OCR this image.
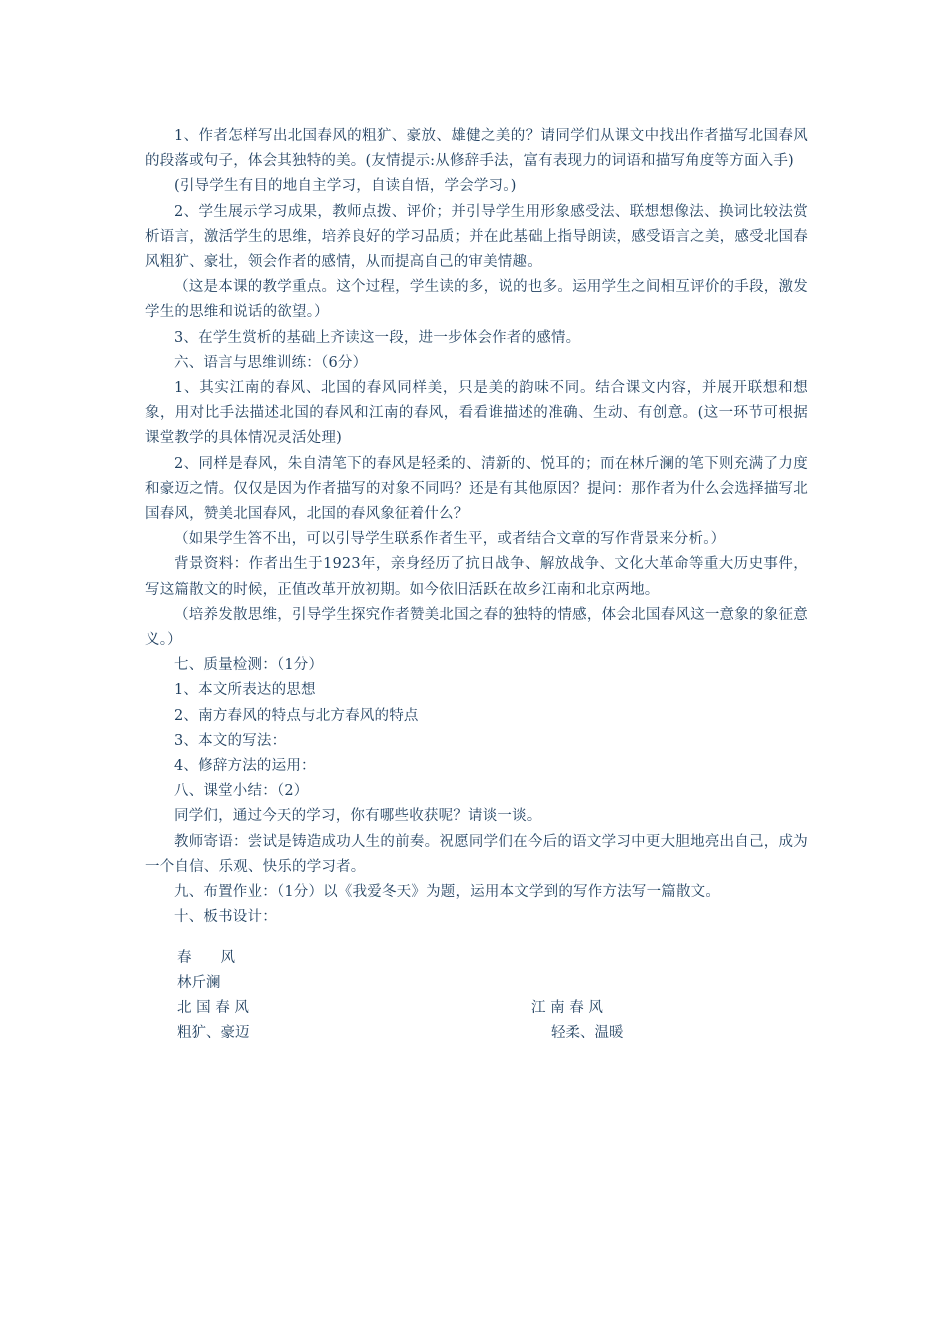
1、作者怎样写出北国春风的粗犷、豪放、雄健之美的？请同学们从课文中找出作者描写北国春风的段落或句子，体会其独特的美。(友情提示:从修辞手法，富有表现力的词语和描写角度等方面入手)

(引导学生有目的地自主学习，自读自悟，学会学习。)

2、学生展示学习成果，教师点拨、评价；并引导学生用形象感受法、联想想像法、换词比较法赏析语言，激活学生的思维，培养良好的学习品质；并在此基础上指导朗读，感受语言之美，感受北国春风粗犷、豪壮，领会作者的感情，从而提高自己的审美情趣。

（这是本课的教学重点。这个过程，学生读的多，说的也多。运用学生之间相互评价的手段，激发学生的思维和说话的欲望。）

3、在学生赏析的基础上齐读这一段，进一步体会作者的感情。

六、语言与思维训练：（6分）

1、其实江南的春风、北国的春风同样美，只是美的韵味不同。结合课文内容，并展开联想和想象，用对比手法描述北国的春风和江南的春风，看看谁描述的准确、生动、有创意。(这一环节可根据课堂教学的具体情况灵活处理)

2、同样是春风，朱自清笔下的春风是轻柔的、清新的、悦耳的；而在林斤澜的笔下则充满了力度和豪迈之情。仅仅是因为作者描写的对象不同吗？还是有其他原因？提问：那作者为什么会选择描写北国春风，赞美北国春风，北国的春风象征着什么？

（如果学生答不出，可以引导学生联系作者生平，或者结合文章的写作背景来分析。）

背景资料：作者出生于1923年，亲身经历了抗日战争、解放战争、文化大革命等重大历史事件，写这篇散文的时候，正值改革开放初期。如今依旧活跃在故乡江南和北京两地。

（培养发散思维，引导学生探究作者赞美北国之春的独特的情感，体会北国春风这一意象的象征意义。）

七、质量检测：（1分）

1、本文所表达的思想

2、南方春风的特点与北方春风的特点

3、本文的写法：

4、修辞方法的运用：

八、课堂小结：（2）

同学们，通过今天的学习，你有哪些收获呢？请谈一谈。

教师寄语：尝试是铸造成功人生的前奏。祝愿同学们在今后的语文学习中更大胆地亮出自己，成为一个自信、乐观、快乐的学习者。

九、布置作业：（1分）以《我爱冬天》为题，运用本文学到的写作方法写一篇散文。

十、板书设计：

春　　风
林斤澜
北 国 春 风	江 南 春 风
粗犷、豪迈	轻柔、温暖
